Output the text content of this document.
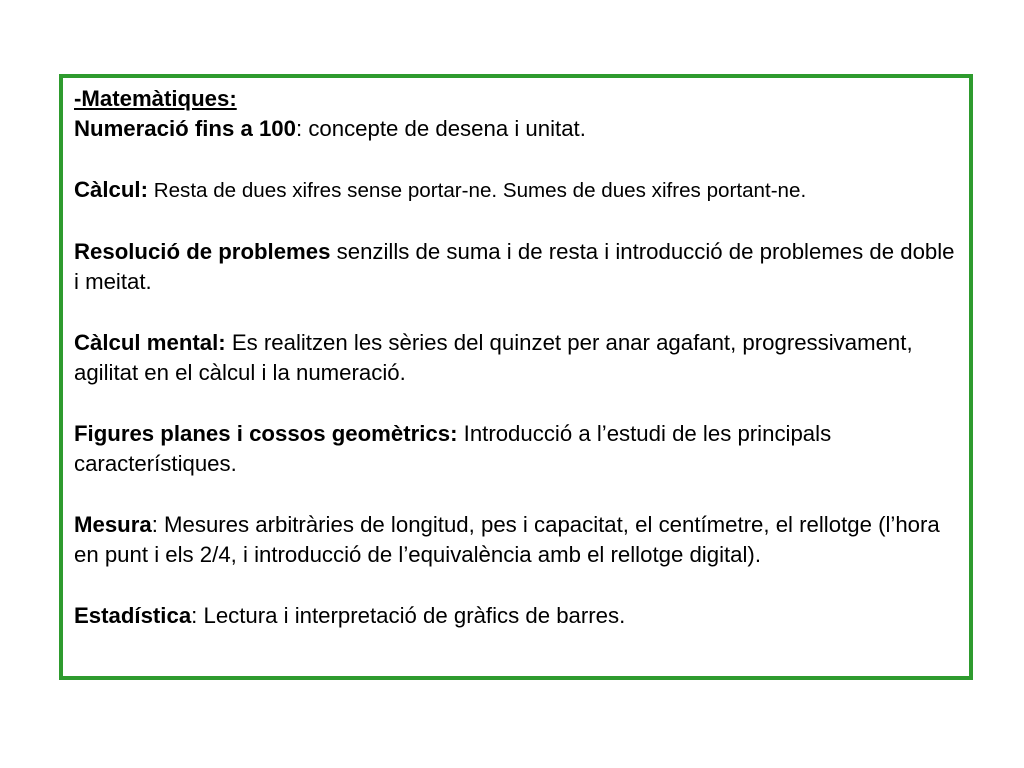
-Matemàtiques:
Numeració fins a 100: concepte de desena i unitat.
Càlcul: Resta de dues xifres sense portar-ne. Sumes de dues xifres portant-ne.
Resolució de problemes senzills de suma i de resta i introducció de problemes de doble i meitat.
Càlcul mental: Es realitzen les sèries del quinzet per anar agafant, progressivament, agilitat en el càlcul i la numeració.
Figures planes i cossos geomètrics: Introducció a l’estudi de les principals característiques.
Mesura: Mesures arbitràries de longitud, pes i capacitat, el centímetre, el rellotge (l’hora en punt i els 2/4, i introducció de l’equivalència amb el rellotge digital).
Estadística: Lectura i interpretació de gràfics de barres.
